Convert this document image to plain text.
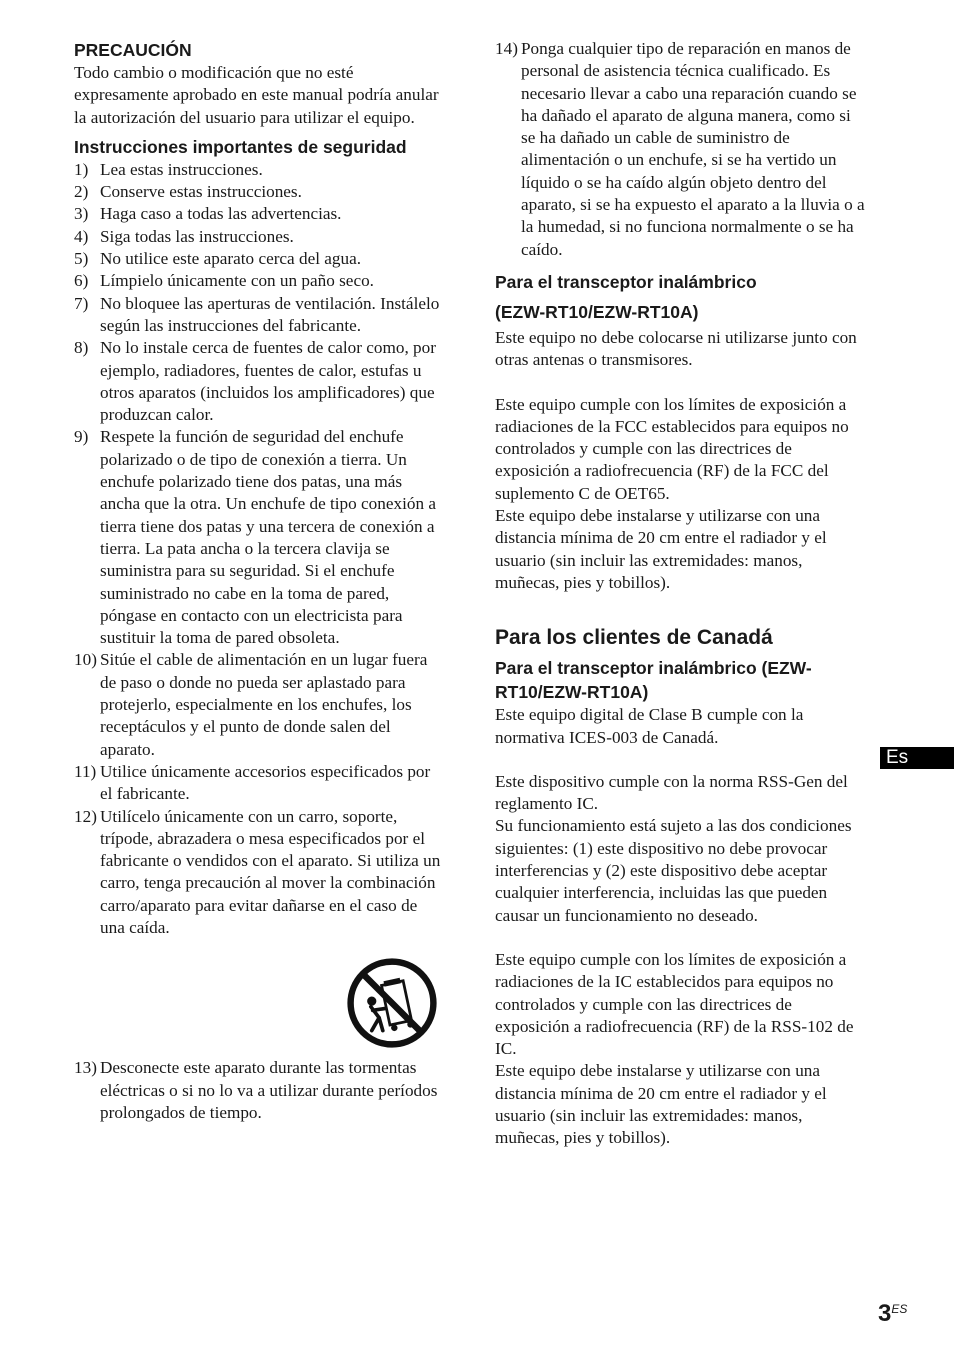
PRECAUCIÓN

Todo cambio o modificación que no esté expresamente aprobado en este manual podría anular la autorización del usuario para utilizar el equipo.

Instrucciones importantes de seguridad
1) Lea estas instrucciones.
2) Conserve estas instrucciones.
3) Haga caso a todas las advertencias.
4) Siga todas las instrucciones.
5) No utilice este aparato cerca del agua.
6) Límpielo únicamente con un paño seco.
7) No bloquee las aperturas de ventilación. Instálelo según las instrucciones del fabricante.
8) No lo instale cerca de fuentes de calor como, por ejemplo, radiadores, fuentes de calor, estufas u otros aparatos (incluidos los amplificadores) que produzcan calor.
9) Respete la función de seguridad del enchufe polarizado o de tipo de conexión a tierra. Un enchufe polarizado tiene dos patas, una más ancha que la otra. Un enchufe de tipo conexión a tierra tiene dos patas y una tercera de conexión a tierra. La pata ancha o la tercera clavija se suministra para su seguridad. Si el enchufe suministrado no cabe en la toma de pared, póngase en contacto con un electricista para sustituir la toma de pared obsoleta.
10) Sitúe el cable de alimentación en un lugar fuera de paso o donde no pueda ser aplastado para protejerlo, especialmente en los enchufes, los receptáculos y el punto de donde salen del aparato.
11) Utilice únicamente accesorios especificados por el fabricante.
12) Utilícelo únicamente con un carro, soporte, trípode, abrazadera o mesa especificados por el fabricante o vendidos con el aparato. Si utiliza un carro, tenga precaución al mover la combinación carro/aparato para evitar dañarse en el caso de una caída.
13) Desconecte este aparato durante las tormentas eléctricas o si no lo va a utilizar durante períodos prolongados de tiempo.
14) Ponga cualquier tipo de reparación en manos de personal de asistencia técnica cualificado. Es necesario llevar a cabo una reparación cuando se ha dañado el aparato de alguna manera, como si se ha dañado un cable de suministro de alimentación o un enchufe, si se ha vertido un líquido o se ha caído algún objeto dentro del aparato, si se ha expuesto el aparato a la lluvia o a la humedad, si no funciona normalmente o se ha caído.
Para el transceptor inalámbrico
(EZW-RT10/EZW-RT10A)

Este equipo no debe colocarse ni utilizarse junto con otras antenas o transmisores.

Este equipo cumple con los límites de exposición a radiaciones de la FCC establecidos para equipos no controlados y cumple con las directrices de exposición a radiofrecuencia (RF) de la FCC del suplemento C de OET65.

Este equipo debe instalarse y utilizarse con una distancia mínima de 20 cm entre el radiador y el usuario (sin incluir las extremidades: manos, muñecas, pies y tobillos).

Para los clientes de Canadá
Para el transceptor inalámbrico (EZW-RT10/EZW-RT10A)

Este equipo digital de Clase B cumple con la normativa ICES-003 de Canadá.

Este dispositivo cumple con la norma RSS-Gen del reglamento IC.

Su funcionamiento está sujeto a las dos condiciones siguientes: (1) este dispositivo no debe provocar interferencias y (2) este dispositivo debe aceptar cualquier interferencia, incluidas las que pueden causar un funcionamiento no deseado.

Este equipo cumple con los límites de exposición a radiaciones de la IC establecidos para equipos no controlados y cumple con las directrices de exposición a radiofrecuencia (RF) de la RSS-102 de IC.

Este equipo debe instalarse y utilizarse con una distancia mínima de 20 cm entre el radiador y el usuario (sin incluir las extremidades: manos, muñecas, pies y tobillos).

Es
$3^{ES}$
